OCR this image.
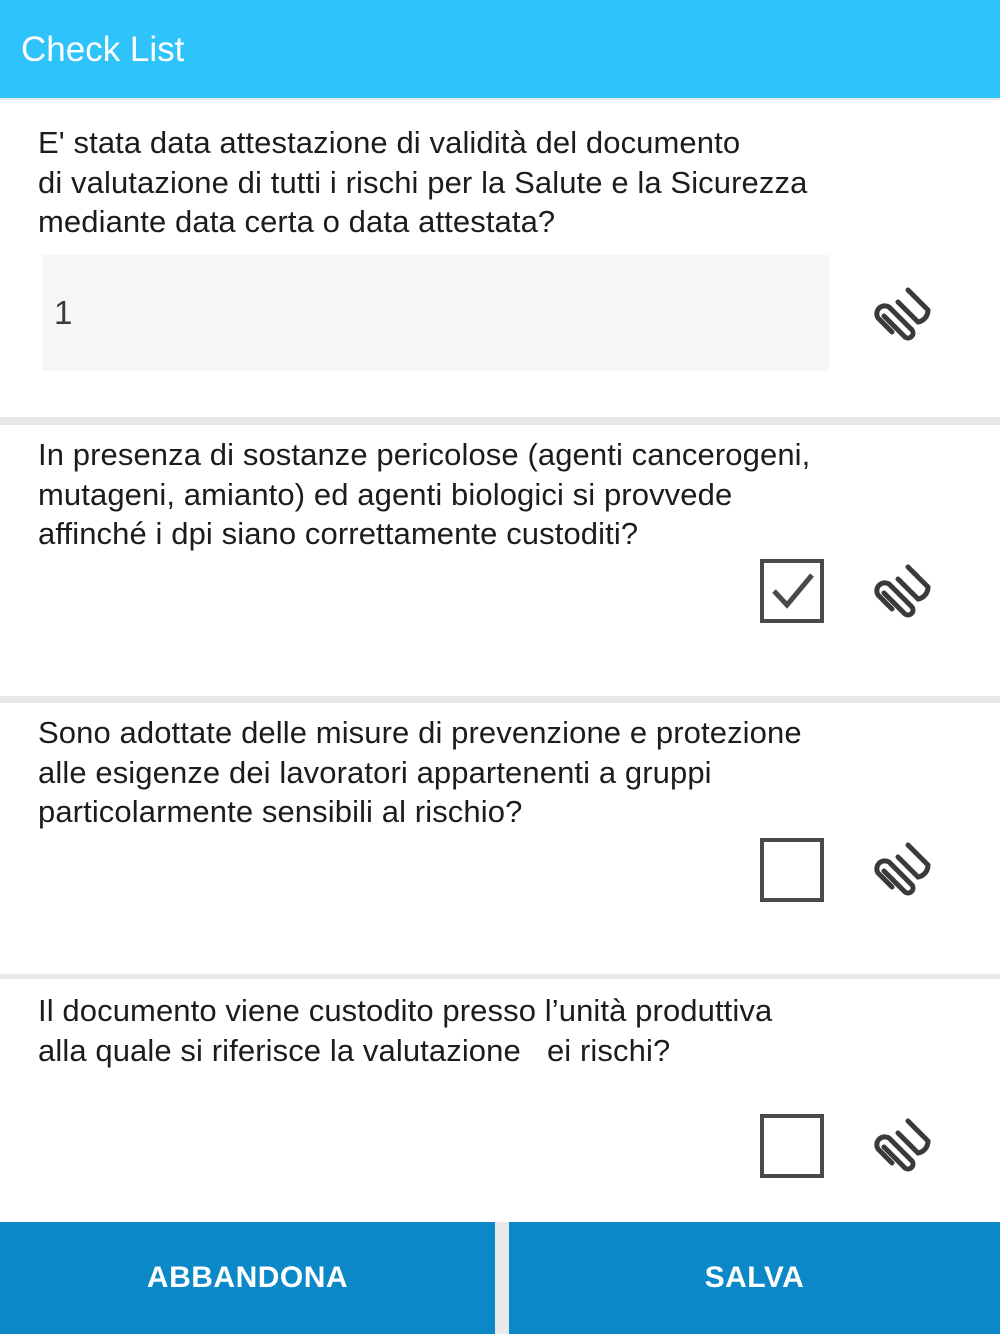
Check List
E' stata data attestazione di validità del documento
di valutazione di tutti i rischi per la Salute e la Sicurezza
mediante data certa o data attestata?
1
In presenza di sostanze pericolose (agenti cancerogeni,
mutageni, amianto) ed agenti biologici si provvede
affinché i dpi siano correttamente custoditi?
Sono adottate delle misure di prevenzione e protezione
alle esigenze dei lavoratori appartenenti a gruppi
particolarmente sensibili al rischio?
Il documento viene custodito presso l’unità produttiva
alla quale si riferisce la valutazione   ei rischi?
ABBANDONA	SALVA
